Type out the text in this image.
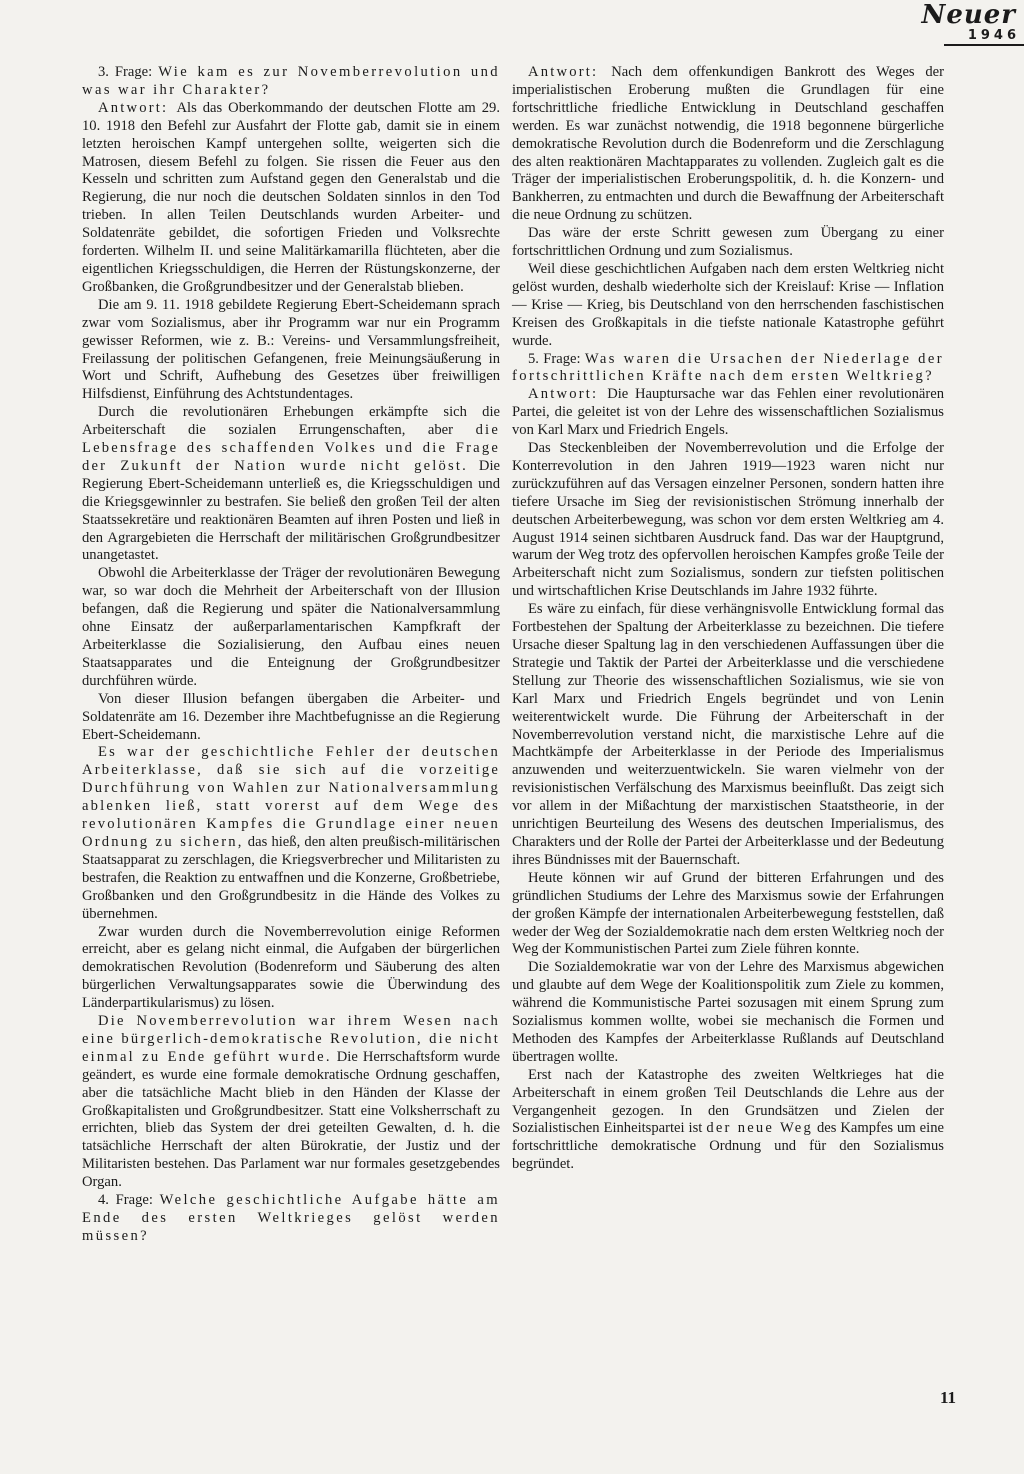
Neuer
1946

3. Frage: Wie kam es zur Novemberrevolution und was war ihr Charakter?

Antwort: Als das Oberkommando der deutschen Flotte am 29. 10. 1918 den Befehl zur Ausfahrt der Flotte gab, damit sie in einem letzten heroischen Kampf untergehen sollte, weigerten sich die Matrosen, diesem Befehl zu folgen. Sie rissen die Feuer aus den Kesseln und schritten zum Aufstand gegen den Generalstab und die Regierung, die nur noch die deutschen Soldaten sinnlos in den Tod trieben. In allen Teilen Deutschlands wurden Arbeiter- und Soldatenräte gebildet, die sofortigen Frieden und Volksrechte forderten. Wilhelm II. und seine Malitärkamarilla flüchteten, aber die eigentlichen Kriegsschuldigen, die Herren der Rüstungskonzerne, der Großbanken, die Großgrundbesitzer und der Generalstab blieben.

Die am 9. 11. 1918 gebildete Regierung Ebert-Scheidemann sprach zwar vom Sozialismus, aber ihr Programm war nur ein Programm gewisser Reformen, wie z. B.: Vereins- und Versammlungsfreiheit, Freilassung der politischen Gefangenen, freie Meinungsäußerung in Wort und Schrift, Aufhebung des Gesetzes über freiwilligen Hilfsdienst, Einführung des Achtstundentages.

Durch die revolutionären Erhebungen erkämpfte sich die Arbeiterschaft die sozialen Errungenschaften, aber die Lebensfrage des schaffenden Volkes und die Frage der Zukunft der Nation wurde nicht gelöst. Die Regierung Ebert-Scheidemann unterließ es, die Kriegsschuldigen und die Kriegsgewinnler zu bestrafen. Sie beließ den großen Teil der alten Staatssekretäre und reaktionären Beamten auf ihren Posten und ließ in den Agrargebieten die Herrschaft der militärischen Großgrundbesitzer unangetastet.

Obwohl die Arbeiterklasse der Träger der revolutionären Bewegung war, so war doch die Mehrheit der Arbeiterschaft von der Illusion befangen, daß die Regierung und später die Nationalversammlung ohne Einsatz der außerparlamentarischen Kampfkraft der Arbeiterklasse die Sozialisierung, den Aufbau eines neuen Staatsapparates und die Enteignung der Großgrundbesitzer durchführen würde.

Von dieser Illusion befangen übergaben die Arbeiter- und Soldatenräte am 16. Dezember ihre Machtbefugnisse an die Regierung Ebert-Scheidemann.

Es war der geschichtliche Fehler der deutschen Arbeiterklasse, daß sie sich auf die vorzeitige Durchführung von Wahlen zur Nationalversammlung ablenken ließ, statt vorerst auf dem Wege des revolutionären Kampfes die Grundlage einer neuen Ordnung zu sichern, das hieß, den alten preußisch-militärischen Staatsapparat zu zerschlagen, die Kriegsverbrecher und Militaristen zu bestrafen, die Reaktion zu entwaffnen und die Konzerne, Großbetriebe, Großbanken und den Großgrundbesitz in die Hände des Volkes zu übernehmen.

Zwar wurden durch die Novemberrevolution einige Reformen erreicht, aber es gelang nicht einmal, die Aufgaben der bürgerlichen demokratischen Revolution (Bodenreform und Säuberung des alten bürgerlichen Verwaltungsapparates sowie die Überwindung des Länderpartikularismus) zu lösen.

Die Novemberrevolution war ihrem Wesen nach eine bürgerlich-demokratische Revolution, die nicht einmal zu Ende geführt wurde. Die Herrschaftsform wurde geändert, es wurde eine formale demokratische Ordnung geschaffen, aber die tatsächliche Macht blieb in den Händen der Klasse der Großkapitalisten und Großgrundbesitzer. Statt eine Volksherrschaft zu errichten, blieb das System der drei geteilten Gewalten, d. h. die tatsächliche Herrschaft der alten Bürokratie, der Justiz und der Militaristen bestehen. Das Parlament war nur formales gesetzgebendes Organ.

4. Frage: Welche geschichtliche Aufgabe hätte am Ende des ersten Weltkrieges gelöst werden müssen?

Antwort: Nach dem offenkundigen Bankrott des Weges der imperialistischen Eroberung mußten die Grundlagen für eine fortschrittliche friedliche Entwicklung in Deutschland geschaffen werden. Es war zunächst notwendig, die 1918 begonnene bürgerliche demokratische Revolution durch die Bodenreform und die Zerschlagung des alten reaktionären Machtapparates zu vollenden. Zugleich galt es die Träger der imperialistischen Eroberungspolitik, d. h. die Konzern- und Bankherren, zu entmachten und durch die Bewaffnung der Arbeiterschaft die neue Ordnung zu schützen.

Das wäre der erste Schritt gewesen zum Übergang zu einer fortschrittlichen Ordnung und zum Sozialismus.

Weil diese geschichtlichen Aufgaben nach dem ersten Weltkrieg nicht gelöst wurden, deshalb wiederholte sich der Kreislauf: Krise — Inflation — Krise — Krieg, bis Deutschland von den herrschenden faschistischen Kreisen des Großkapitals in die tiefste nationale Katastrophe geführt wurde.

5. Frage: Was waren die Ursachen der Niederlage der fortschrittlichen Kräfte nach dem ersten Weltkrieg?

Antwort: Die Hauptursache war das Fehlen einer revolutionären Partei, die geleitet ist von der Lehre des wissenschaftlichen Sozialismus von Karl Marx und Friedrich Engels.

Das Steckenbleiben der Novemberrevolution und die Erfolge der Konterrevolution in den Jahren 1919—1923 waren nicht nur zurückzuführen auf das Versagen einzelner Personen, sondern hatten ihre tiefere Ursache im Sieg der revisionistischen Strömung innerhalb der deutschen Arbeiterbewegung, was schon vor dem ersten Weltkrieg am 4. August 1914 seinen sichtbaren Ausdruck fand. Das war der Hauptgrund, warum der Weg trotz des opfervollen heroischen Kampfes große Teile der Arbeiterschaft nicht zum Sozialismus, sondern zur tiefsten politischen und wirtschaftlichen Krise Deutschlands im Jahre 1932 führte.

Es wäre zu einfach, für diese verhängnisvolle Entwicklung formal das Fortbestehen der Spaltung der Arbeiterklasse zu bezeichnen. Die tiefere Ursache dieser Spaltung lag in den verschiedenen Auffassungen über die Strategie und Taktik der Partei der Arbeiterklasse und die verschiedene Stellung zur Theorie des wissenschaftlichen Sozialismus, wie sie von Karl Marx und Friedrich Engels begründet und von Lenin weiterentwickelt wurde. Die Führung der Arbeiterschaft in der Novemberrevolution verstand nicht, die marxistische Lehre auf die Machtkämpfe der Arbeiterklasse in der Periode des Imperialismus anzuwenden und weiterzuentwickeln. Sie waren vielmehr von der revisionistischen Verfälschung des Marxismus beeinflußt. Das zeigt sich vor allem in der Mißachtung der marxistischen Staatstheorie, in der unrichtigen Beurteilung des Wesens des deutschen Imperialismus, des Charakters und der Rolle der Partei der Arbeiterklasse und der Bedeutung ihres Bündnisses mit der Bauernschaft.

Heute können wir auf Grund der bitteren Erfahrungen und des gründlichen Studiums der Lehre des Marxismus sowie der Erfahrungen der großen Kämpfe der internationalen Arbeiterbewegung feststellen, daß weder der Weg der Sozialdemokratie nach dem ersten Weltkrieg noch der Weg der Kommunistischen Partei zum Ziele führen konnte.

Die Sozialdemokratie war von der Lehre des Marxismus abgewichen und glaubte auf dem Wege der Koalitionspolitik zum Ziele zu kommen, während die Kommunistische Partei sozusagen mit einem Sprung zum Sozialismus kommen wollte, wobei sie mechanisch die Formen und Methoden des Kampfes der Arbeiterklasse Rußlands auf Deutschland übertragen wollte.

Erst nach der Katastrophe des zweiten Weltkrieges hat die Arbeiterschaft in einem großen Teil Deutschlands die Lehre aus der Vergangenheit gezogen. In den Grundsätzen und Zielen der Sozialistischen Einheitspartei ist der neue Weg des Kampfes um eine fortschrittliche demokratische Ordnung und für den Sozialismus begründet.

11
